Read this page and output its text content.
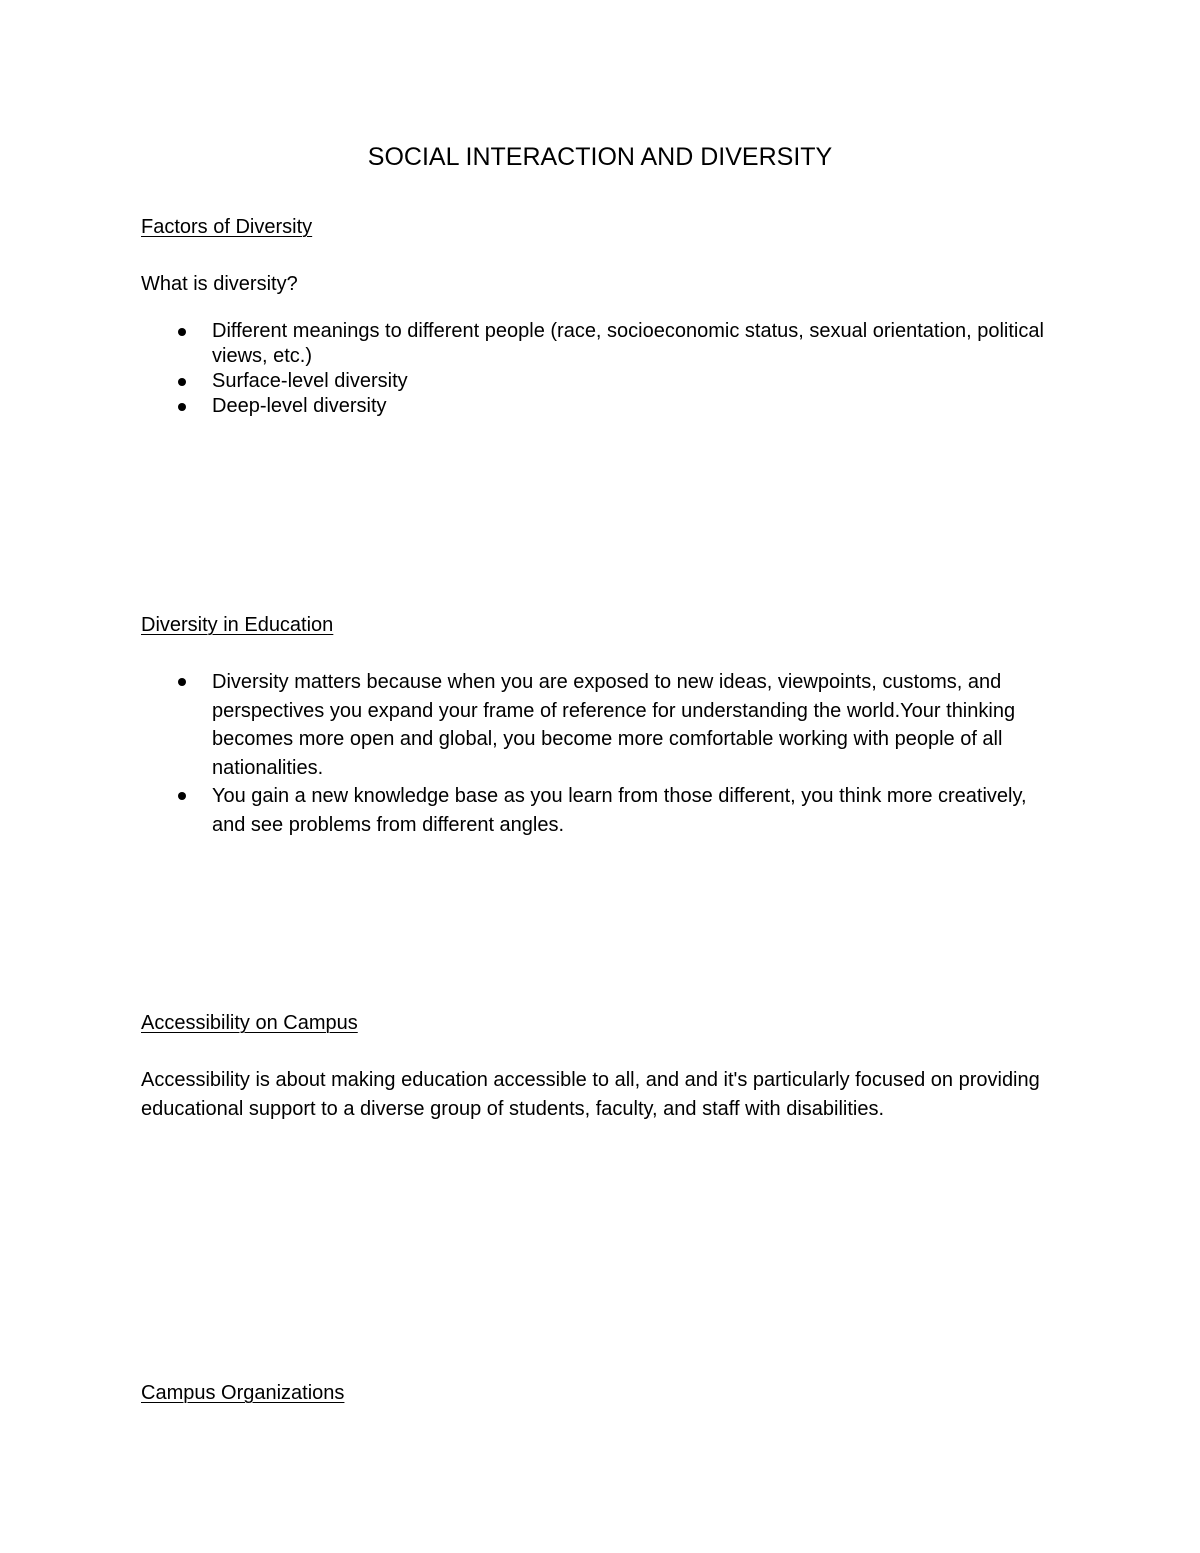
SOCIAL INTERACTION AND DIVERSITY
Factors of Diversity

What is diversity?

Different meanings to different people (race, socioeconomic status, sexual orientation, political views, etc.)
Surface-level diversity
Deep-level diversity
Diversity in Education
Diversity matters because when you are exposed to new ideas, viewpoints, customs, and perspectives you expand your frame of reference for understanding the world.Your thinking becomes more open and global, you become more comfortable working with people of all nationalities.
You gain a new knowledge base as you learn from those different, you think more creatively, and see problems from different angles.
Accessibility on Campus

Accessibility is about making education accessible to all, and and it's particularly focused on providing educational support to a diverse group of students, faculty, and staff with disabilities.

Campus Organizations
